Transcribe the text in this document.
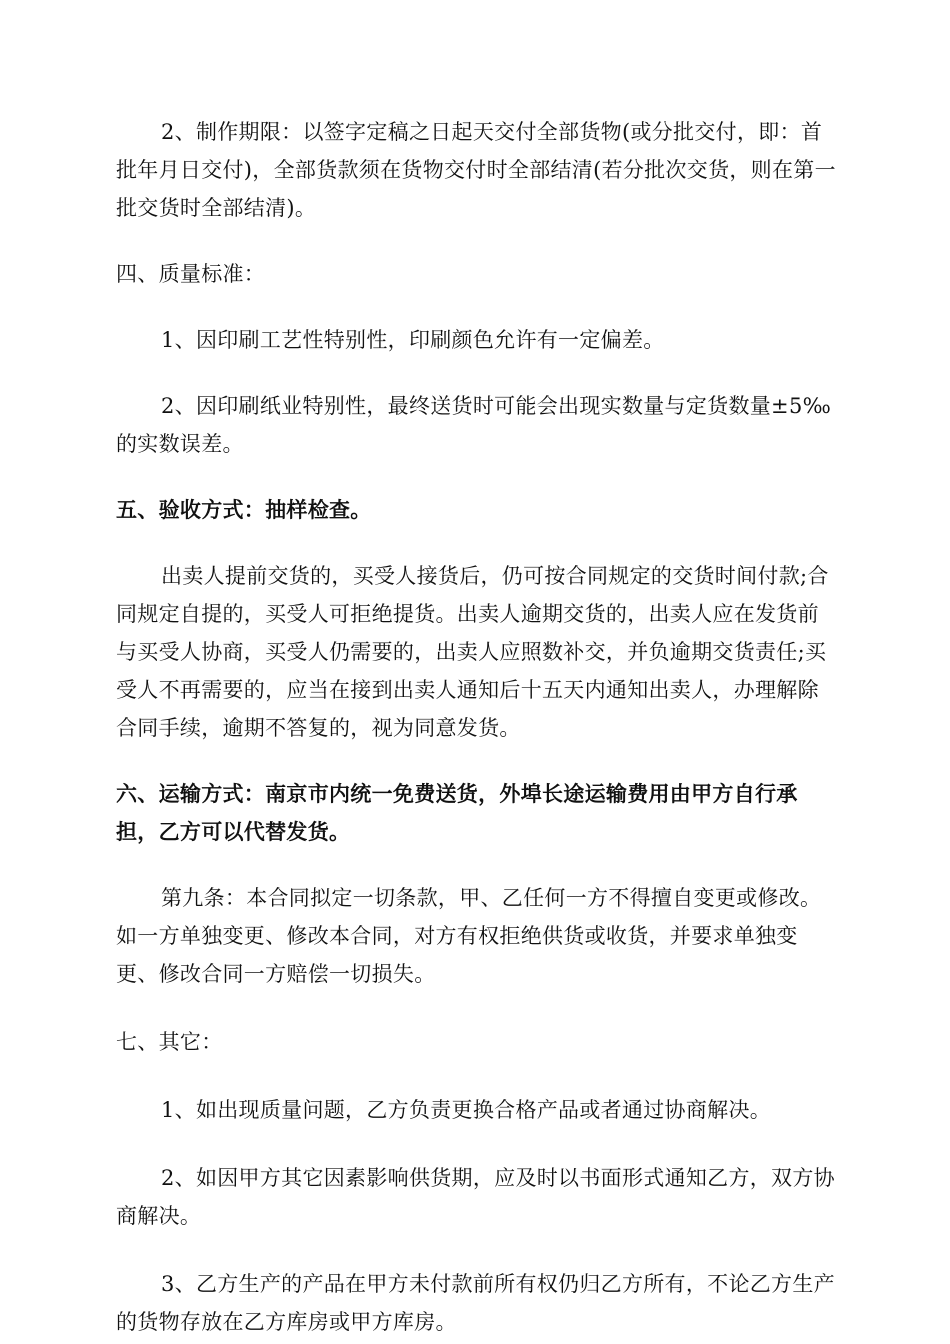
2、制作期限：以签字定稿之日起天交付全部货物(或分批交付，即：首批年月日交付)，全部货款须在货物交付时全部结清(若分批次交货，则在第一批交货时全部结清)。

四、质量标准：

1、因印刷工艺性特别性，印刷颜色允许有一定偏差。

2、因印刷纸业特别性，最终送货时可能会出现实数量与定货数量±5‰的实数误差。

五、验收方式：抽样检查。

出卖人提前交货的，买受人接货后，仍可按合同规定的交货时间付款;合同规定自提的，买受人可拒绝提货。出卖人逾期交货的，出卖人应在发货前与买受人协商，买受人仍需要的，出卖人应照数补交，并负逾期交货责任;买受人不再需要的，应当在接到出卖人通知后十五天内通知出卖人，办理解除合同手续，逾期不答复的，视为同意发货。

六、运输方式：南京市内统一免费送货，外埠长途运输费用由甲方自行承担，乙方可以代替发货。

第九条：本合同拟定一切条款，甲、乙任何一方不得擅自变更或修改。如一方单独变更、修改本合同，对方有权拒绝供货或收货，并要求单独变更、修改合同一方赔偿一切损失。

七、其它：

1、如出现质量问题，乙方负责更换合格产品或者通过协商解决。

2、如因甲方其它因素影响供货期，应及时以书面形式通知乙方，双方协商解决。

3、乙方生产的产品在甲方未付款前所有权仍归乙方所有，不论乙方生产的货物存放在乙方库房或甲方库房。
